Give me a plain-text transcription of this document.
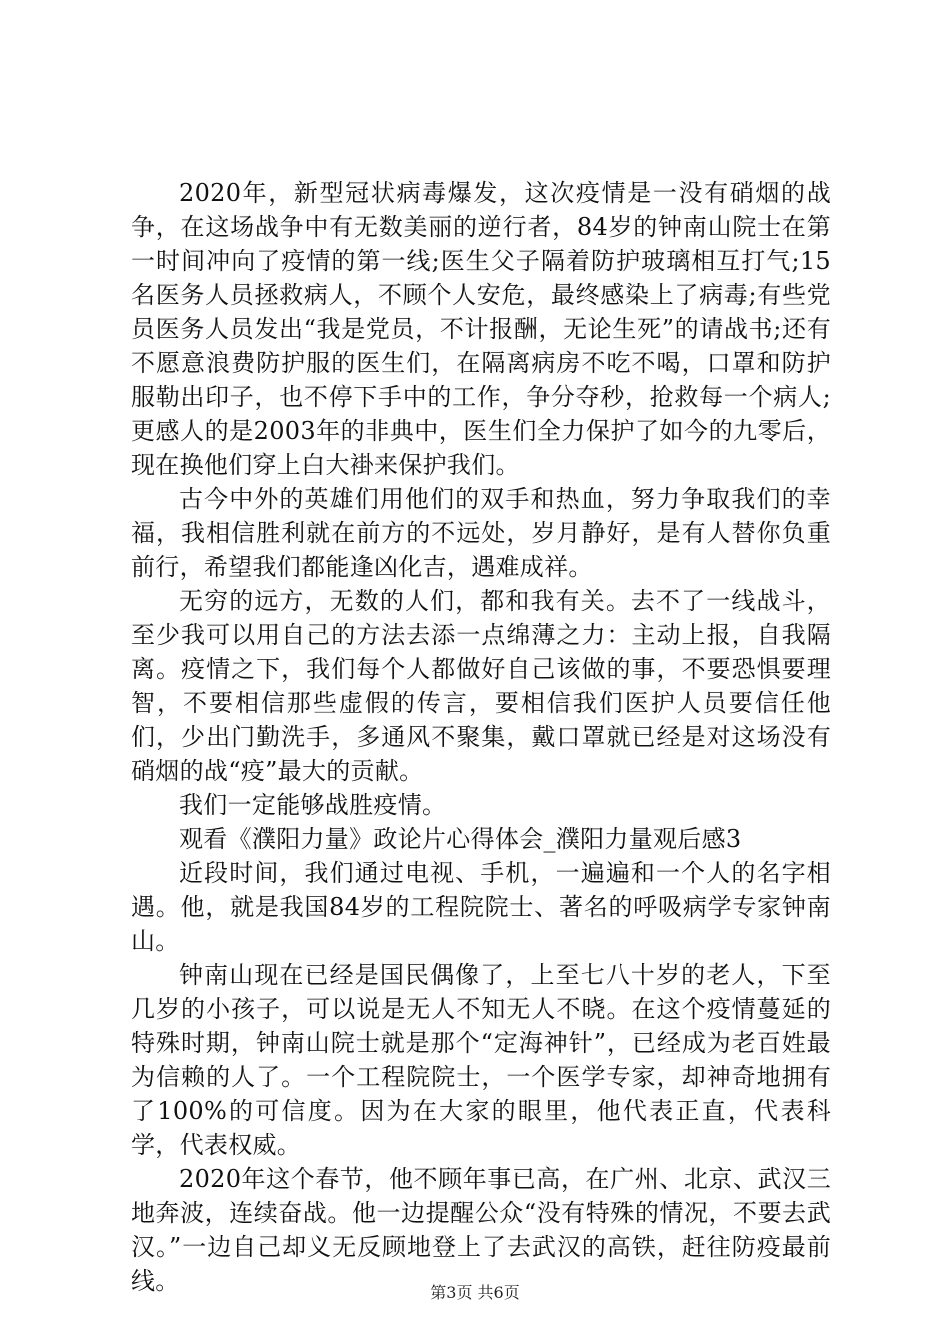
2020年，新型冠状病毒爆发，这次疫情是一没有硝烟的战争，在这场战争中有无数美丽的逆行者，84岁的钟南山院士在第一时间冲向了疫情的第一线;医生父子隔着防护玻璃相互打气;15名医务人员拯救病人，不顾个人安危，最终感染上了病毒;有些党员医务人员发出“我是党员，不计报酬，无论生死”的请战书;还有不愿意浪费防护服的医生们，在隔离病房不吃不喝，口罩和防护服勒出印子，也不停下手中的工作，争分夺秒，抢救每一个病人;更感人的是2003年的非典中，医生们全力保护了如今的九零后，现在换他们穿上白大褂来保护我们。

古今中外的英雄们用他们的双手和热血，努力争取我们的幸福，我相信胜利就在前方的不远处，岁月静好，是有人替你负重前行，希望我们都能逢凶化吉，遇难成祥。

无穷的远方，无数的人们，都和我有关。去不了一线战斗，至少我可以用自己的方法去添一点绵薄之力：主动上报，自我隔离。疫情之下，我们每个人都做好自己该做的事，不要恐惧要理智，不要相信那些虚假的传言，要相信我们医护人员要信任他们，少出门勤洗手，多通风不聚集，戴口罩就已经是对这场没有硝烟的战“疫”最大的贡献。

我们一定能够战胜疫情。

观看《濮阳力量》政论片心得体会_濮阳力量观后感3

近段时间，我们通过电视、手机，一遍遍和一个人的名字相遇。他，就是我国84岁的工程院院士、著名的呼吸病学专家钟南山。

钟南山现在已经是国民偶像了，上至七八十岁的老人，下至几岁的小孩子，可以说是无人不知无人不晓。在这个疫情蔓延的特殊时期，钟南山院士就是那个“定海神针”，已经成为老百姓最为信赖的人了。一个工程院院士，一个医学专家，却神奇地拥有了100%的可信度。因为在大家的眼里，他代表正直，代表科学，代表权威。

2020年这个春节，他不顾年事已高，在广州、北京、武汉三地奔波，连续奋战。他一边提醒公众“没有特殊的情况，不要去武汉。”一边自己却义无反顾地登上了去武汉的高铁，赶往防疫最前线。	第3页 共6页
